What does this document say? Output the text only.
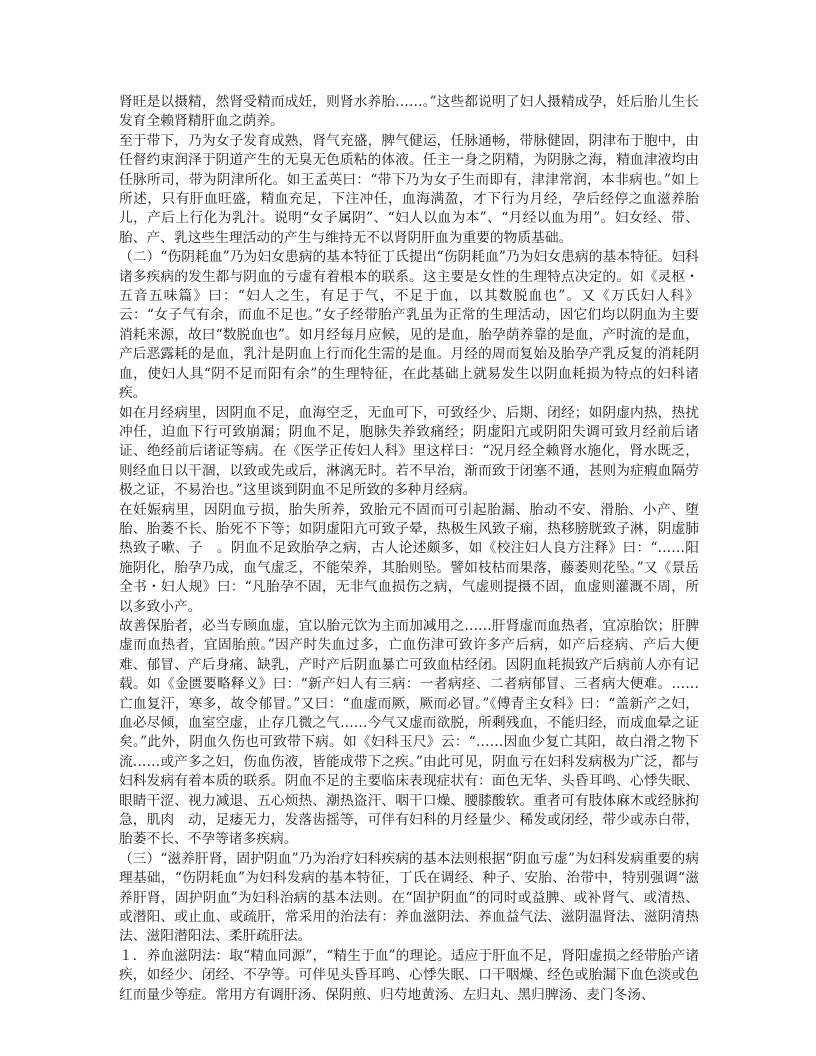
肾旺是以摄精，然肾受精而成妊，则肾水养胎……。”这些都说明了妇人摄精成孕，妊后胎儿生长发育全赖肾精肝血之荫养。

至于带下，乃为女子发育成熟，肾气充盛，脾气健运，任脉通畅，带脉健固，阴津布于胞中，由任督约束润泽于阴道产生的无臭无色质粘的体液。任主一身之阴精，为阴脉之海，精血津液均由任脉所司，带为阴津所化。如王孟英曰：“带下乃为女子生而即有，津津常润，本非病也。”如上所述，只有肝血旺盛，精血充足，下注冲任，血海满盈，才下行为月经，孕后经停之血滋养胎儿，产后上行化为乳汁。说明“女子属阴”、“妇人以血为本”、“月经以血为用”。妇女经、带、胎、产、乳这些生理活动的产生与维持无不以肾阴肝血为重要的物质基础。

（二）“伤阴耗血”乃为妇女患病的基本特征丁氏提出“伤阴耗血”乃为妇女患病的基本特征。妇科诸多疾病的发生都与阴血的亏虚有着根本的联系。这主要是女性的生理特点决定的。如《灵枢・五音五味篇》曰：“妇人之生，有足于气，不足于血，以其数脱血也”。又《万氏妇人科》云：“女子气有余，而血不足也。”女子经带胎产乳虽为正常的生理活动，因它们均以阴血为主要消耗来源，故曰“数脱血也”。如月经每月应候，见的是血，胎孕荫养靠的是血，产时流的是血，产后恶露耗的是血，乳汁是阴血上行而化生需的是血。月经的周而复始及胎孕产乳反复的消耗阴血，使妇人具“阴不足而阳有余”的生理特征，在此基础上就易发生以阴血耗损为特点的妇科诸疾。

如在月经病里，因阴血不足，血海空乏，无血可下，可致经少、后期、闭经；如阴虚内热，热扰冲任，迫血下行可致崩漏；阴血不足，胞脉失养致痛经；阴虚阳亢或阴阳失调可致月经前后诸证、绝经前后诸证等病。在《医学正传妇人科》里这样曰：“况月经全赖肾水施化，肾水既乏，则经血日以干涸，以致或先或后，淋漓无时。若不早治，渐而致于闭塞不通，甚则为症瘕血隔劳极之证，不易治也。”这里谈到阴血不足所致的多种月经病。

在妊娠病里，因阴血亏损，胎失所养，致胎元不固而可引起胎漏、胎动不安、滑胎、小产、堕胎、胎萎不长、胎死不下等；如阴虚阳亢可致子晕，热极生风致子痫，热移膀胱致子淋，阴虚肺热致子嗽、子　。阴血不足致胎孕之病，古人论述颇多，如《校注妇人良方注释》曰：“……阳施阴化，胎孕乃成，血气虚乏，不能荣养，其胎则坠。譬如枝枯而果落，藤萎则花坠。”又《景岳全书・妇人规》曰：“凡胎孕不固，无非气血损伤之病，气虚则提摄不固，血虚则灌溉不周，所以多致小产。

故善保胎者，必当专顾血虚，宜以胎元饮为主而加减用之……肝肾虚而血热者，宜凉胎饮；肝脾虚而血热者，宜固胎煎。”因产时失血过多，亡血伤津可致许多产后病，如产后痉病、产后大便难、郁冒、产后身痛、缺乳，产时产后阴血暴亡可致血枯经闭。因阴血耗损致产后病前人亦有记载。如《金匮要略释义》曰：“新产妇人有三病：一者病痉、二者病郁冒、三者病大便难。……亡血复汗，寒多，故令郁冒。”又曰：“血虚而厥，厥而必冒。”《傅青主女科》曰：“盖新产之妇，血必尽倾，血室空虚，止存几微之气……今气又虚而欲脱，所剩残血，不能归经，而成血晕之证矣。”此外，阴血久伤也可致带下病。如《妇科玉尺》云：“……因血少复亡其阳，故白滑之物下流……或产多之妇，伤血伤液，皆能成带下之疾。”由此可见，阴血亏在妇科发病极为广泛，都与妇科发病有着本质的联系。阴血不足的主要临床表现症状有：面色无华、头昏耳鸣、心悸失眠、眼睛干涩、视力减退、五心烦热、潮热盗汗、咽干口燥、腰膝酸软。重者可有肢体麻木或经脉拘急，肌肉　动，足痿无力，发落齿摇等，可伴有妇科的月经量少、稀发或闭经，带少或赤白带，胎萎不长、不孕等诸多疾病。

（三）“滋养肝肾，固护阴血”乃为治疗妇科疾病的基本法则根据“阴血亏虚”为妇科发病重要的病理基础，“伤阴耗血”为妇科发病的基本特征，丁氏在调经、种子、安胎、治带中，特别强调“滋养肝肾，固护阴血”为妇科治病的基本法则。在“固护阴血”的同时或益脾、或补肾气、或清热、或潜阳、或止血、或疏肝，常采用的治法有：养血滋阴法、养血益气法、滋阴温肾法、滋阴清热法、滋阳潜阳法、柔肝疏肝法。

１．养血滋阴法：取“精血同源”，“精生于血”的理论。适应于肝血不足，肾阳虚损之经带胎产诸疾，如经少、闭经、不孕等。可伴见头昏耳鸣、心悸失眠、口干咽燥、经色或胎漏下血色淡或色红而量少等症。常用方有调肝汤、保阴煎、归芍地黄汤、左归丸、黑归脾汤、麦门冬汤、
